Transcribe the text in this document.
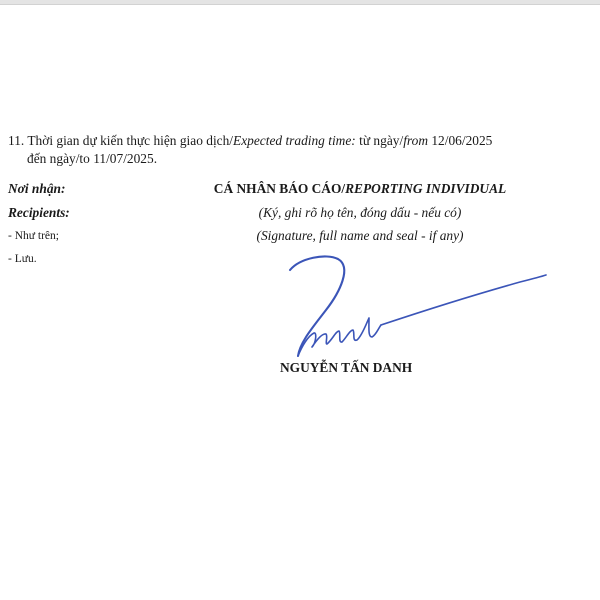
11. Thời gian dự kiến thực hiện giao dịch/Expected trading time: từ ngày/from 12/06/2025
đến ngày/to 11/07/2025.
Nơi nhận:
Recipients:
- Như trên;
- Lưu.
CÁ NHÂN BÁO CÁO/REPORTING INDIVIDUAL
(Ký, ghi rõ họ tên, đóng dấu - nếu có)
(Signature, full name and seal - if any)
NGUYỄN TẤN DANH
